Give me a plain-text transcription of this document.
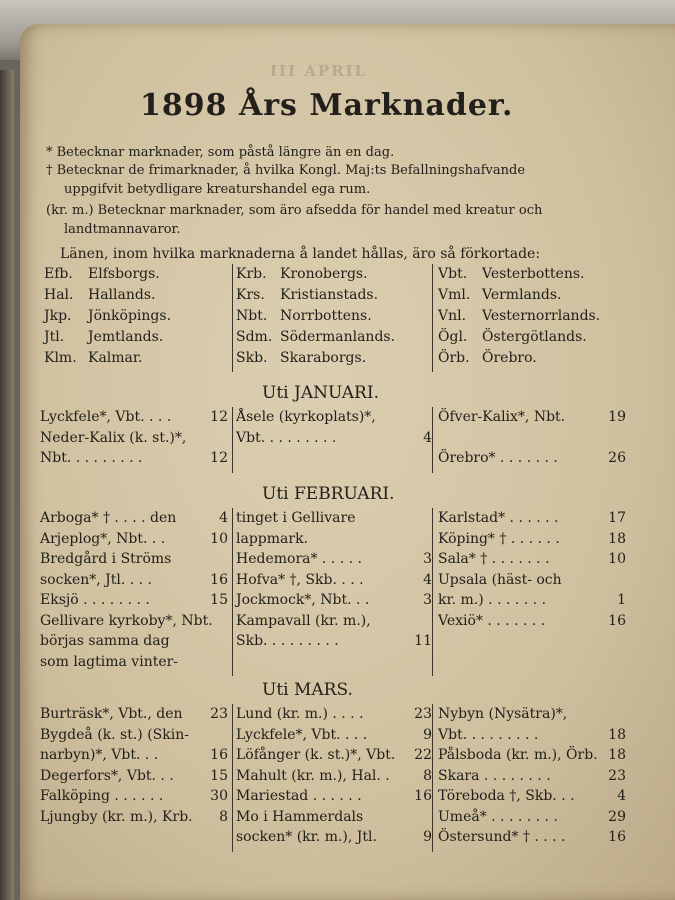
III APRIL
1898 Års Marknader.
* Betecknar marknader, som påstå längre än en dag.
† Betecknar de frimarknader, å hvilka Kongl. Maj:ts Befallningshafvande
uppgifvit betydligare kreaturshandel ega rum.
(kr. m.) Betecknar marknader, som äro afsedda för handel med kreatur och
landtmannavaror.
Länen, inom hvilka marknaderna å landet hållas, äro så förkortade:
Efb. Elfsborgs.	Krb. Kronobergs.	Vbt. Vesterbottens.
Hal. Hallands.	Krs. Kristianstads.	Vml. Vermlands.
Jkp. Jönköpings.	Nbt. Norrbottens.	Vnl. Vesternorrlands.
Jtl. Jemtlands.	Sdm. Södermanlands.	Ögl. Östergötlands.
Klm. Kalmar.	Skb. Skaraborgs.	Örb. Örebro.
Uti JANUARI.
Lyckfele*, Vbt. . . .	12
Neder-Kalix (k. st.)*,
Nbt. . . . . . . . .	12
Åsele (kyrkoplats)*,
Vbt. . . . . . . . .	4
Öfver-Kalix*, Nbt.	19
Örebro* . . . . . . .	26
Uti FEBRUARI.
Arboga* † . . . . den	4
Arjeplog*, Nbt. . .	10
Bredgård i Ströms
socken*, Jtl. . . .	16
Eksjö . . . . . . . .	15
Gellivare kyrkoby*, Nbt.
börjas samma dag
som lagtima vinter-
tinget i Gellivare
lappmark.
Hedemora* . . . . .	3
Hofva* †, Skb. . . .	4
Jockmock*, Nbt. . .	3
Kampavall (kr. m.),
Skb. . . . . . . . .	11
Karlstad* . . . . . .	17
Köping* † . . . . . .	18
Sala* † . . . . . . .	10
Upsala (häst- och
kr. m.) . . . . . . .	1
Vexiö* . . . . . . .	16
Uti MARS.
Burträsk*, Vbt., den	23
Bygdeå (k. st.) (Skin-
narbyn)*, Vbt. . .	16
Degerfors*, Vbt. . .	15
Falköping . . . . . .	30
Ljungby (kr. m.), Krb.	8
Lund (kr. m.) . . . .	23
Lyckfele*, Vbt. . . .	9
Löfånger (k. st.)*, Vbt.	22
Mahult (kr. m.), Hal. .	8
Mariestad . . . . . .	16
Mo i Hammerdals
socken* (kr. m.), Jtl.	9
Nybyn (Nysätra)*,
Vbt. . . . . . . . .	18
Pålsboda (kr. m.), Örb. 18
Skara . . . . . . . .	23
Töreboda †, Skb. . .	4
Umeå* . . . . . . . .	29
Östersund* † . . . .	16
